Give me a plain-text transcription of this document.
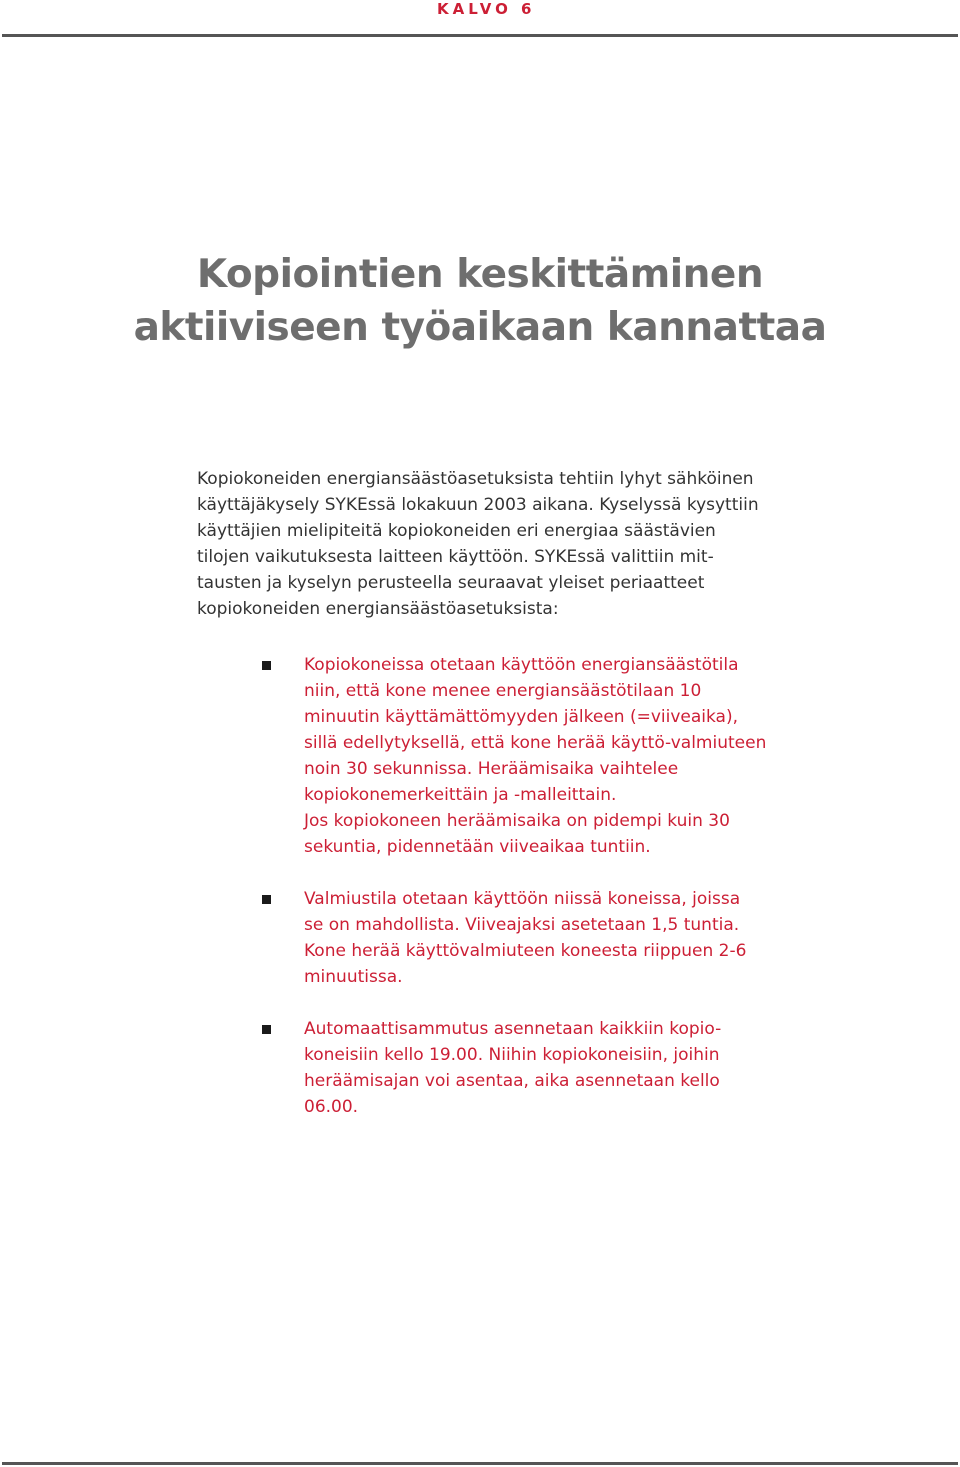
KALVO 6
Kopiointien keskittäminen
aktiiviseen työaikaan kannattaa
Kopiokoneiden energiansäästöasetuksista tehtiin lyhyt sähköinen
käyttäjäkysely SYKEssä lokakuun 2003 aikana. Kyselyssä kysyttiin
käyttäjien mielipiteitä kopiokoneiden eri energiaa säästävien
tilojen vaikutuksesta laitteen käyttöön. SYKEssä valittiin mit-
tausten ja kyselyn perusteella seuraavat yleiset periaatteet
kopiokoneiden energiansäästöasetuksista:
Kopiokoneissa otetaan käyttöön energiansäästötila
niin, että kone menee energiansäästötilaan 10
minuutin käyttämättömyyden jälkeen (=viiveaika),
sillä edellytyksellä, että kone herää käyttö-valmiuteen
noin 30 sekunnissa. Heräämisaika vaihtelee
kopiokonemerkeittäin ja -malleittain.
Jos kopiokoneen heräämisaika on pidempi kuin 30
sekuntia, pidennetään viiveaikaa tuntiin.
Valmiustila otetaan käyttöön niissä koneissa, joissa
se on mahdollista. Viiveajaksi asetetaan 1,5 tuntia.
Kone herää käyttövalmiuteen koneesta riippuen 2-6
minuutissa.
Automaattisammutus asennetaan kaikkiin kopio-
koneisiin kello 19.00. Niihin kopiokoneisiin, joihin
heräämisajan voi asentaa, aika asennetaan kello
06.00.
